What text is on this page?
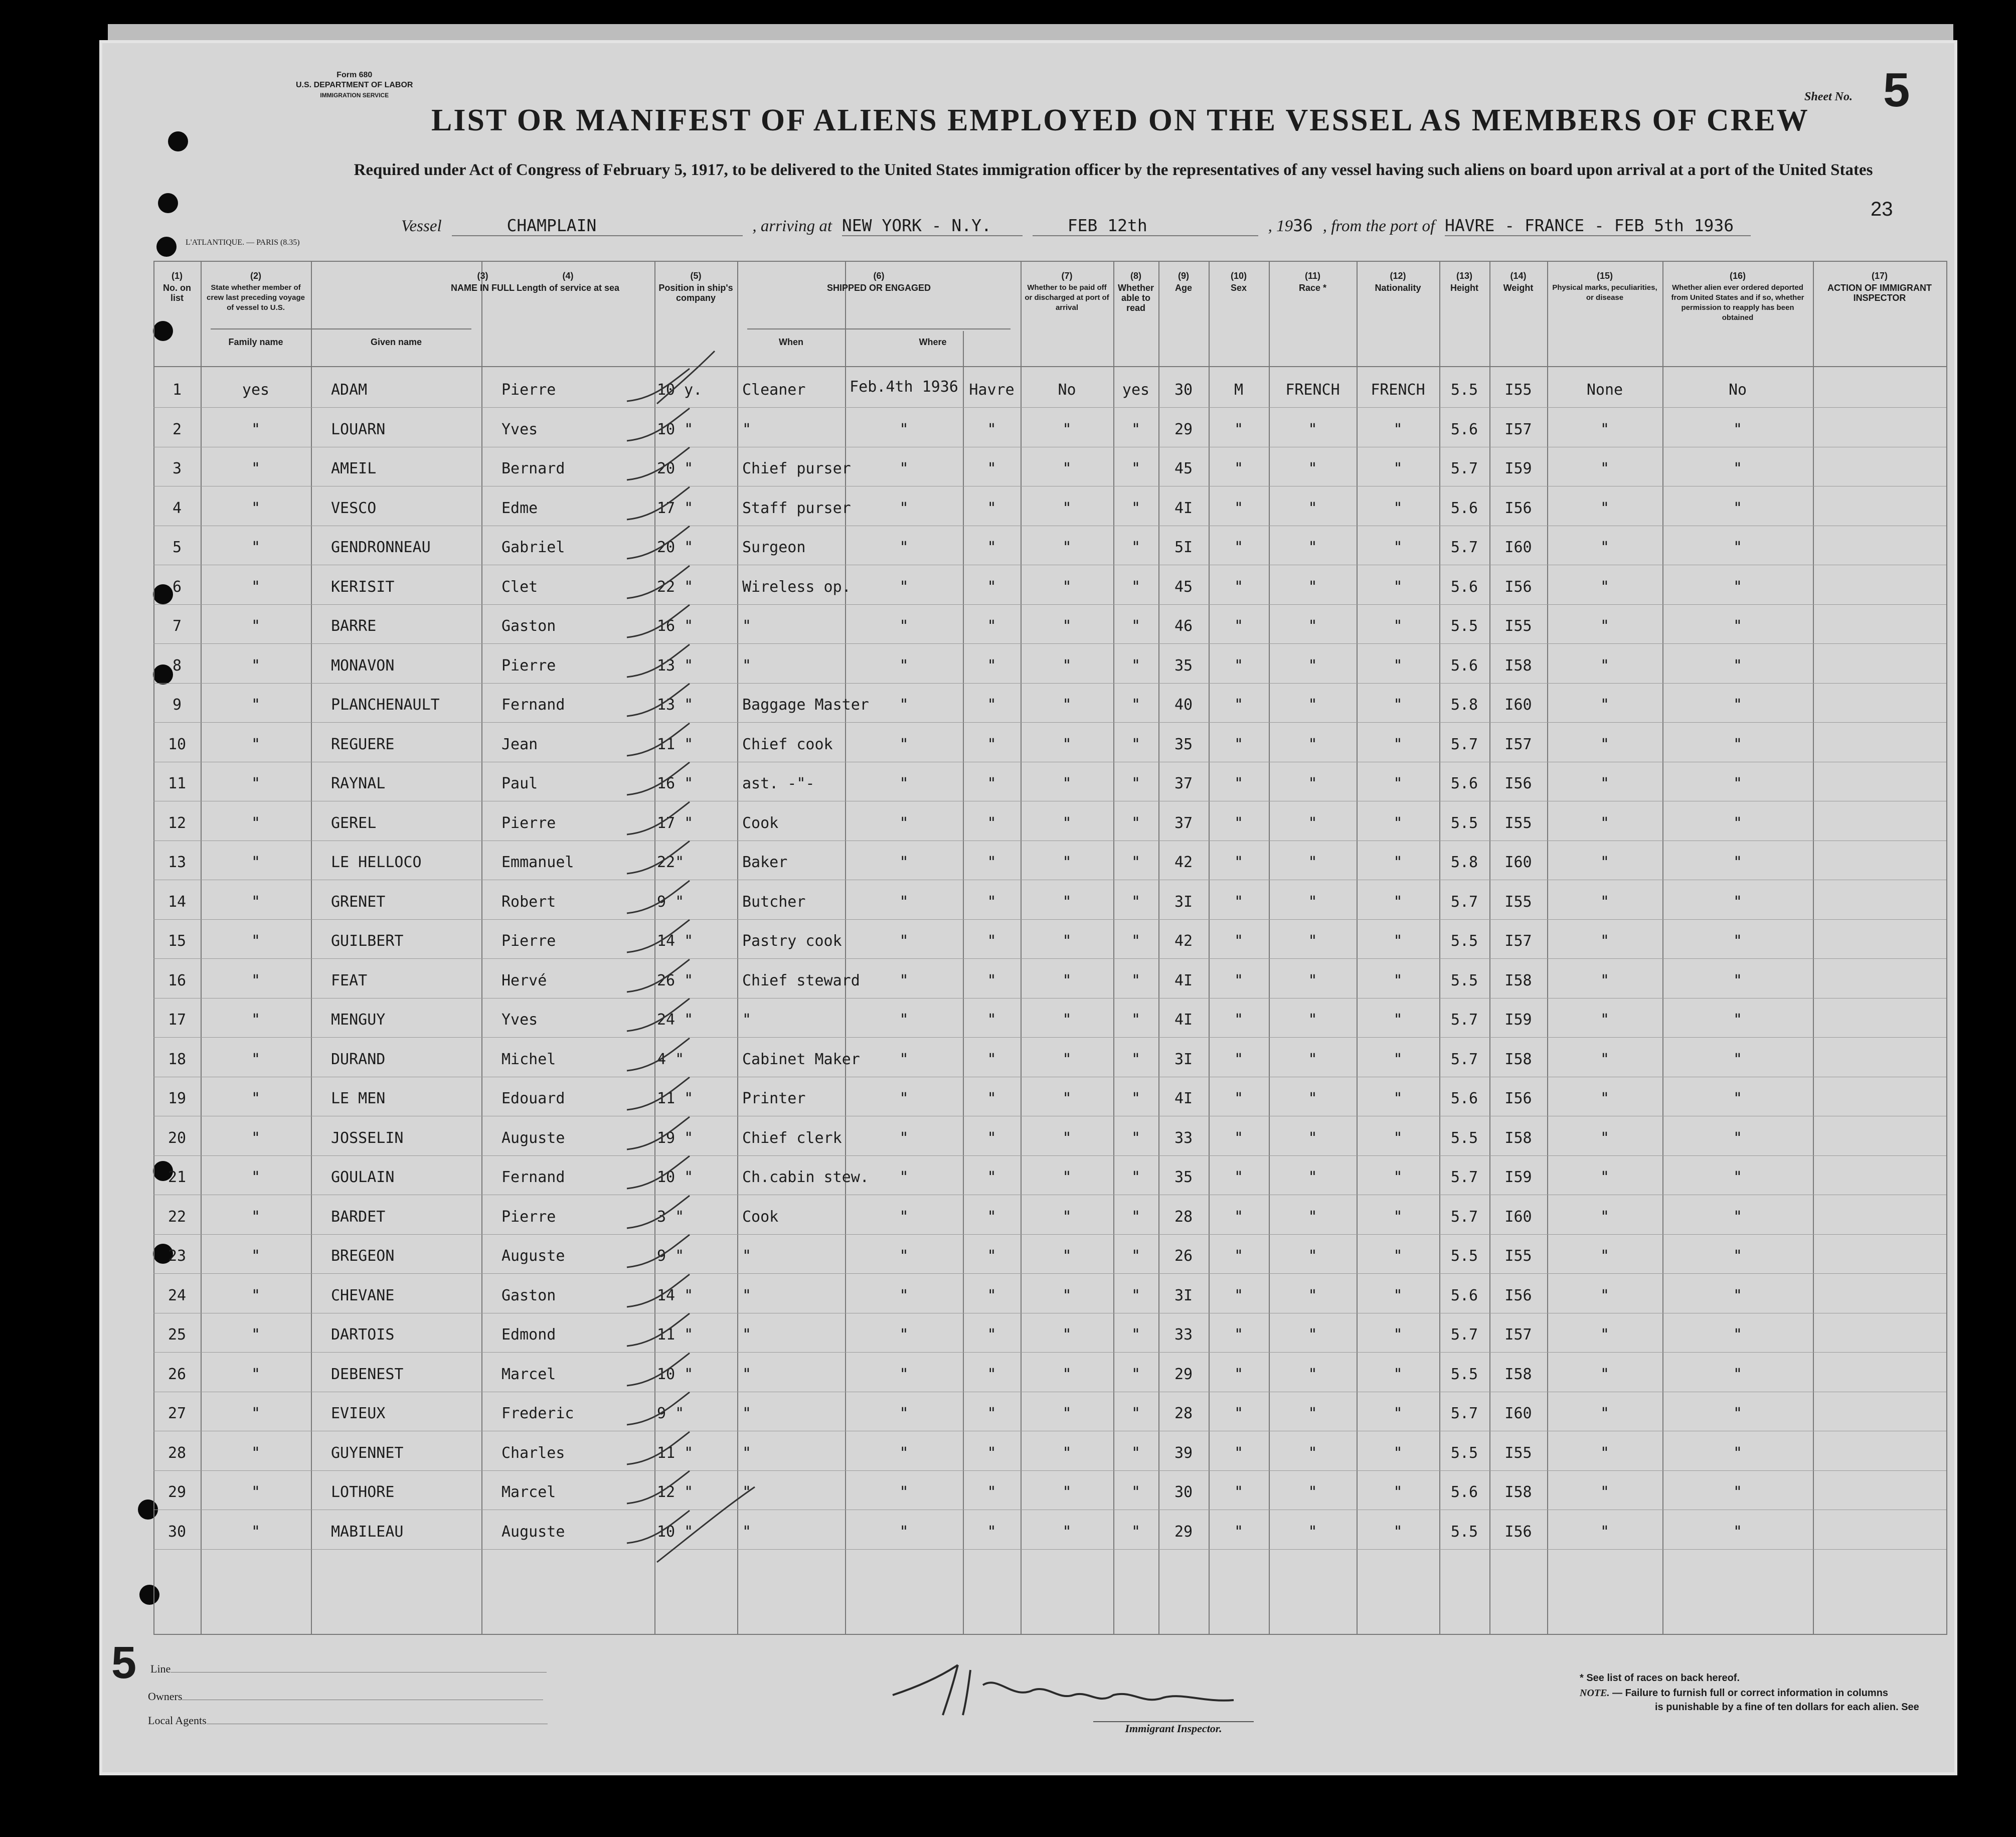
Form 680
U.S. DEPARTMENT OF LABOR
IMMIGRATION SERVICE
LIST OR MANIFEST OF ALIENS EMPLOYED ON THE VESSEL AS MEMBERS OF CREW
Required under Act of Congress of February 5, 1917, to be delivered to the United States immigration officer by the representatives of any vessel having such aliens on board upon arrival at a port of the United States
Sheet No. 5
23
L'ATLANTIQUE. — PARIS (8.35)
Vessel	CHAMPLAIN	, arriving at NEW YORK - N.Y.	FEB 12th	, 1936 , from the port of HAVRE - FRANCE - FEB 5th 1936
(1)
No. on list
(2)
State whether member of crew last preceding voyage of vessel to U.S.
(3)
NAME IN FULL
Family name	Given name
(4)
Length of service at sea
(5)
Position in ship's company
(6)
SHIPPED OR ENGAGED
When	Where
(7)
Whether to be paid off or discharged at port of arrival
(8)
Whether able to read
(9)
Age
(10)
Sex
(11)
Race *
(12)
Nationality
(13)
Height
(14)
Weight
(15)
Physical marks, peculiarities, or disease
(16)
Whether alien ever ordered deported from United States and if so, whether permission to reapply has been obtained
(17)
ACTION OF IMMIGRANT INSPECTOR
1	yes	ADAM	Pierre	10 y.	Cleaner	Feb.4th 1936 Havre	No	yes	30	M	FRENCH	FRENCH	5.5	I55	None	No
2	"	LOUARN	Yves	10 "	"	"	"	"	"	29	"	"	"	5.6	I57	"	"
3	"	AMEIL	Bernard	20 "	Chief purser	"	"	"	"	45	"	"	"	5.7	I59	"	"
4	"	VESCO	Edme	17 "	Staff purser	"	"	"	"	4I	"	"	"	5.6	I56	"	"
5	"	GENDRONNEAU	Gabriel	20 "	Surgeon	"	"	"	"	5I	"	"	"	5.7	I60	"	"
6	"	KERISIT	Clet	22 "	Wireless op.	"	"	"	"	45	"	"	"	5.6	I56	"	"
7	"	BARRE	Gaston	16 "	"	"	"	"	"	46	"	"	"	5.5	I55	"	"
8	"	MONAVON	Pierre	13 "	"	"	"	"	"	35	"	"	"	5.6	I58	"	"
9	"	PLANCHENAULT	Fernand	13 "	Baggage Master	"	"	"	"	40	"	"	"	5.8	I60	"	"
10	"	REGUERE	Jean	11 "	Chief cook	"	"	"	"	35	"	"	"	5.7	I57	"	"
11	"	RAYNAL	Paul	16 "	ast. -"-	"	"	"	"	37	"	"	"	5.6	I56	"	"
12	"	GEREL	Pierre	17 "	Cook	"	"	"	"	37	"	"	"	5.5	I55	"	"
13	"	LE HELLOCO	Emmanuel	22"	Baker	"	"	"	"	42	"	"	"	5.8	I60	"	"
14	"	GRENET	Robert	9 "	Butcher	"	"	"	"	3I	"	"	"	5.7	I55	"	"
15	"	GUILBERT	Pierre	14 "	Pastry cook	"	"	"	"	42	"	"	"	5.5	I57	"	"
16	"	FEAT	Hervé	26 "	Chief steward	"	"	"	"	4I	"	"	"	5.5	I58	"	"
17	"	MENGUY	Yves	24 "	"	"	"	"	"	4I	"	"	"	5.7	I59	"	"
18	"	DURAND	Michel	4 "	Cabinet Maker	"	"	"	"	3I	"	"	"	5.7	I58	"	"
19	"	LE MEN	Edouard	11 "	Printer	"	"	"	"	4I	"	"	"	5.6	I56	"	"
20	"	JOSSELIN	Auguste	19 "	Chief clerk	"	"	"	"	33	"	"	"	5.5	I58	"	"
21	"	GOULAIN	Fernand	10 "	Ch.cabin stew.	"	"	"	"	35	"	"	"	5.7	I59	"	"
22	"	BARDET	Pierre	3 "	Cook	"	"	"	"	28	"	"	"	5.7	I60	"	"
23	"	BREGEON	Auguste	9 "	"	"	"	"	"	26	"	"	"	5.5	I55	"	"
24	"	CHEVANE	Gaston	14 "	"	"	"	"	"	3I	"	"	"	5.6	I56	"	"
25	"	DARTOIS	Edmond	11 "	"	"	"	"	"	33	"	"	"	5.7	I57	"	"
26	"	DEBENEST	Marcel	10 "	"	"	"	"	"	29	"	"	"	5.5	I58	"	"
27	"	EVIEUX	Frederic	9 "	"	"	"	"	"	28	"	"	"	5.7	I60	"	"
28	"	GUYENNET	Charles	11 "	"	"	"	"	"	39	"	"	"	5.5	I55	"	"
29	"	LOTHORE	Marcel	12 "	"	"	"	"	"	30	"	"	"	5.6	I58	"	"
30	"	MABILEAU	Auguste	10 "	"	"	"	"	"	29	"	"	"	5.5	I56	"	"
5 Line
Owners
Local Agents	M Montgomery
Immigrant Inspector.
* See list of races on back hereof.
NOTE. — Failure to furnish full or correct information in columns
is punishable by a fine of ten dollars for each alien. See
